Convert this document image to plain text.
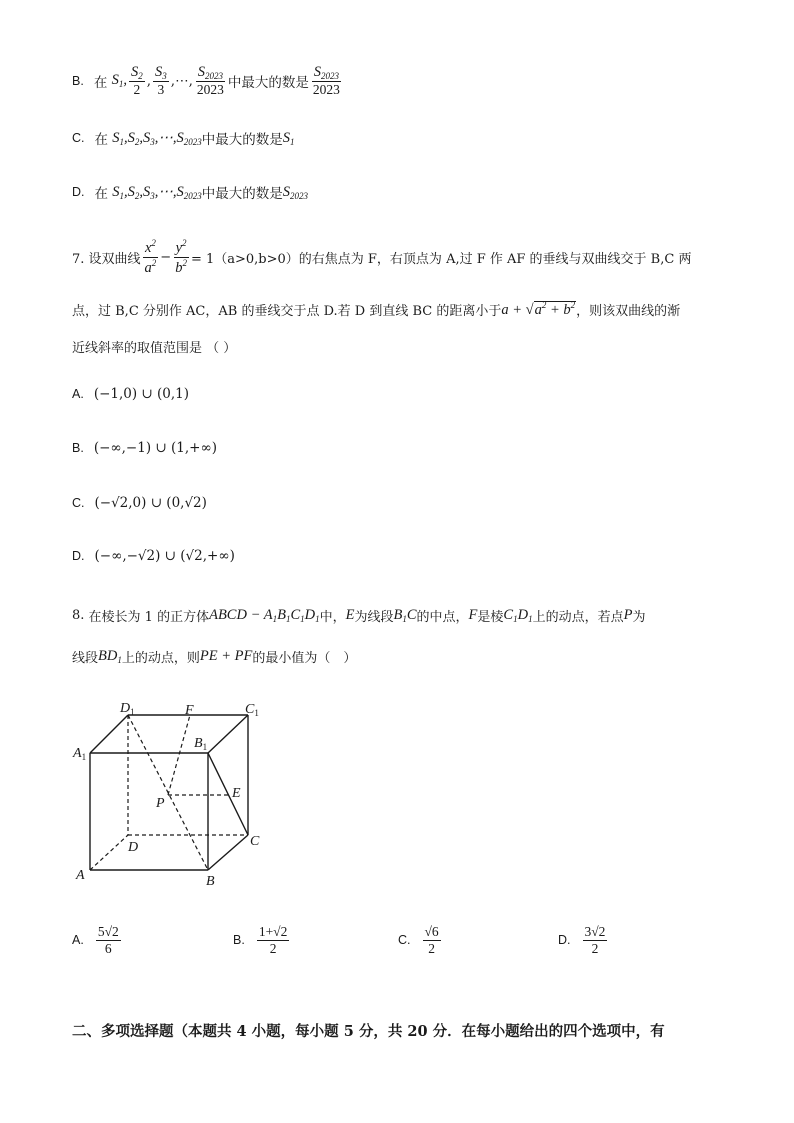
B. 在
$S_1$, $\frac{S_2}{2}$ , $\frac{S_3}{3}$ ,⋯, $\frac{S_{2023}}{2023}$ 中最大的数是 $\frac{S_{2023}}{2023}$
C. 在
$S_1,S_2,S_3,\cdots,S_{2023}$ 中最大的数是 $S_1$
D. 在
$S_1,S_2,S_3,\cdots,S_{2023}$ 中最大的数是 $S_{2023}$
7. 设双曲线 $\frac{x^2}{a^2} - \frac{y^2}{b^2} = 1(a>0,b>0)$的右焦点为 F，右顶点为 A,过 F 作 AF 的垂线与双曲线交于 B,C 两
点，过 B,C 分别作 AC，AB 的垂线交于点 D.若 D 到直线 BC 的距离小于 $a + √a^2 + b^2$ ，则该双曲线的渐
近线斜率的取值范围是 （ ）
A. (−1,0) ∪ (0,1)
B. (−∞,−1) ∪ (1,+∞)
C. (−√2,0) ∪ (0,√2)
D. (−∞,−√2) ∪ (√2,+∞)
8.
在棱长为 1 的正方体 ABCD − $A_1B_1C_1D_1$ 中， E 为线段 $B_1C$ 的中点， F 是棱 $C_1D_1$ 上的动点，若点 P 为
线段 $BD_1$ 上的动点，则 PE + PF 的最小值为（　）
$D_1$	F	$C_1$
$A_1$
$B_1$
P
E
C
D
A	B
A. $\frac{5√2}{6}$	B. $\frac{1+√2}{2}$	C. $\frac{√6}{2}$	D. $\frac{3√2}{2}$
二、多项选择题（本题共 4 小题，每小题 5 分，共 20 分．在每小题给出的四个选项中，有
